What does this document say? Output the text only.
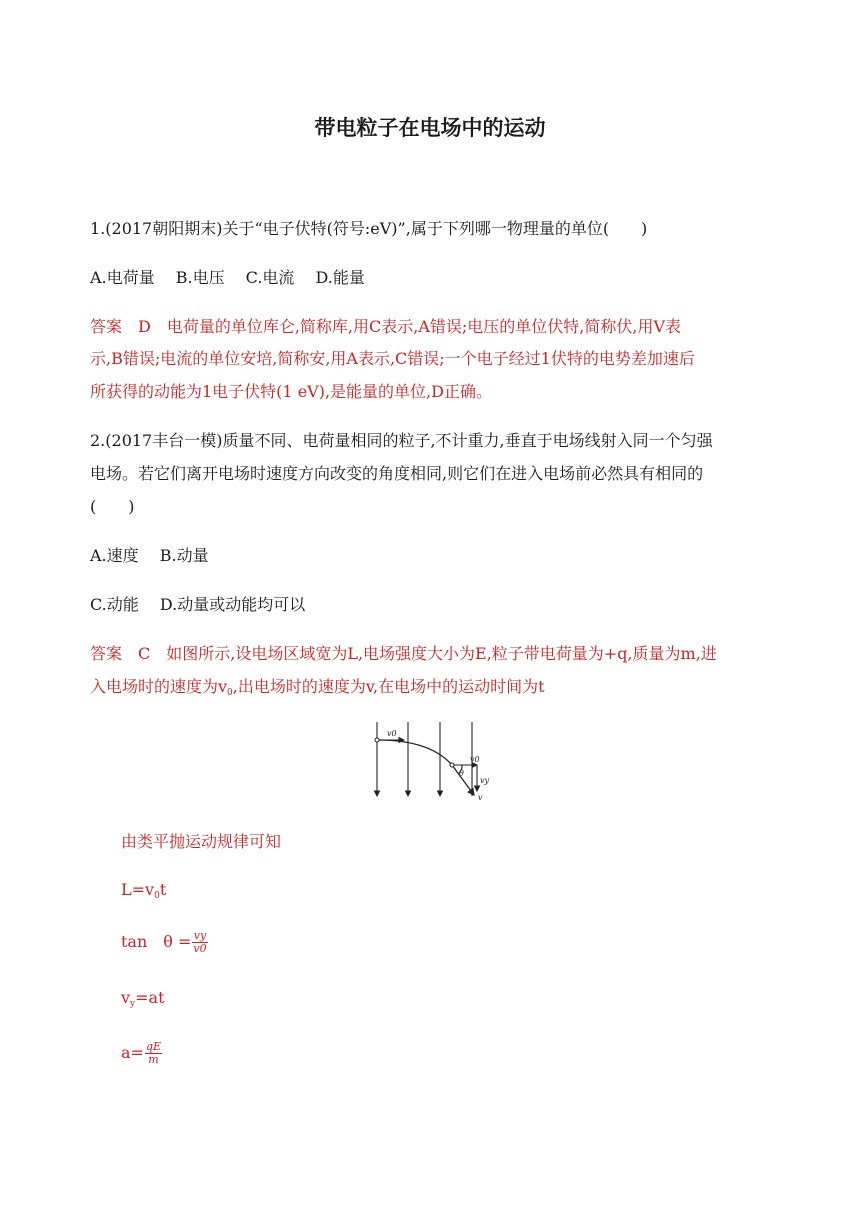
带电粒子在电场中的运动
1.(2017朝阳期末)关于“电子伏特(符号:eV)”,属于下列哪一物理量的单位(　　)
A.电荷量　 B.电压　 C.电流　 D.能量
答案　D　电荷量的单位库仑,简称库,用C表示,A错误;电压的单位伏特,简称伏,用V表
示,B错误;电流的单位安培,简称安,用A表示,C错误;一个电子经过1伏特的电势差加速后
所获得的动能为1电子伏特(1 eV),是能量的单位,D正确。
2.(2017丰台一模)质量不同、电荷量相同的粒子,不计重力,垂直于电场线射入同一个匀强
电场。若它们离开电场时速度方向改变的角度相同,则它们在进入电场前必然具有相同的
(　　)
A.速度　 B.动量
C.动能　 D.动量或动能均可以
答案　C　如图所示,设电场区域宽为L,电场强度大小为E,粒子带电荷量为+q,质量为m,进
入电场时的速度为$v_0$,出电场时的速度为v,在电场中的运动时间为t
v0
v0
θ
vy
v
由类平抛运动规律可知
$L=v_0t$
tan　$\theta = \frac{vy}{v0}$
$v_y=at$
$a= \frac{qE}{m}$
